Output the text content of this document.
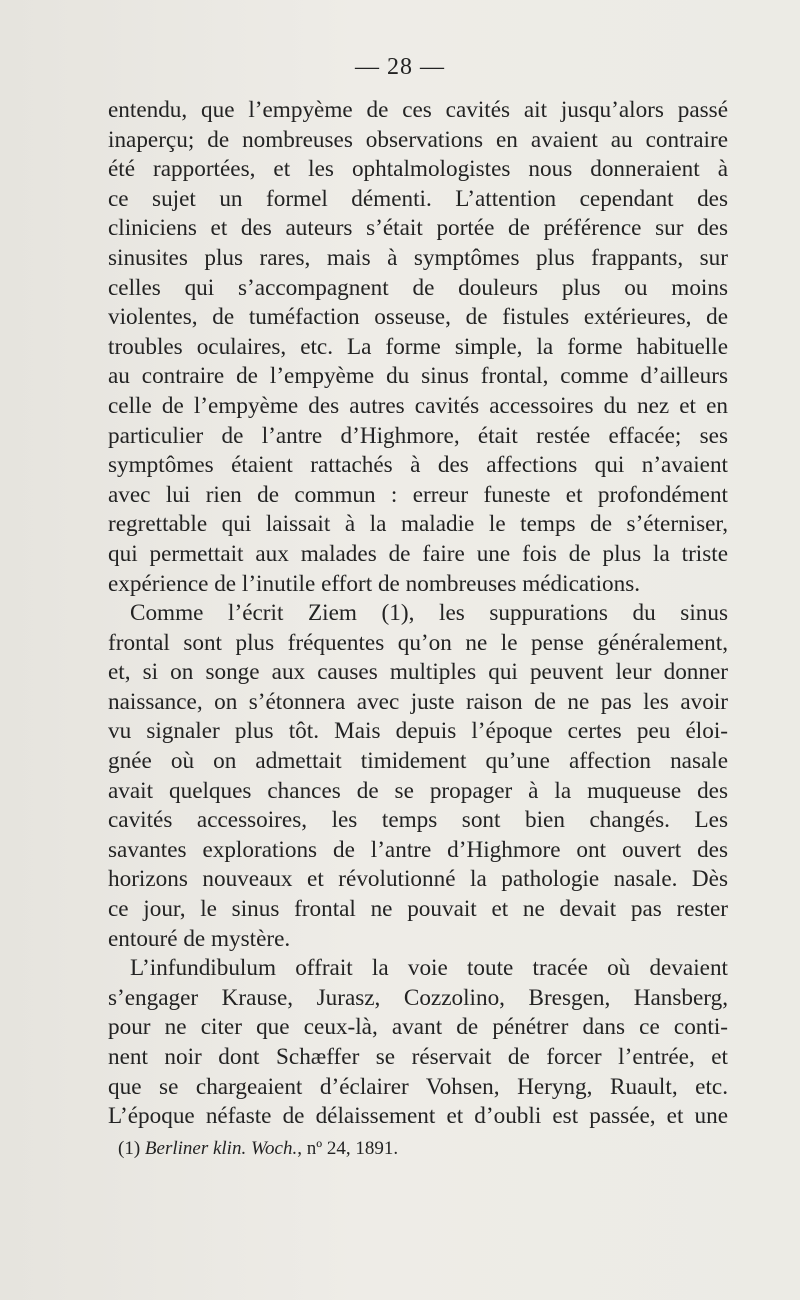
— 28 —
entendu, que l’empyème de ces cavités ait jusqu’alors passé
inaperçu; de nombreuses observations en avaient au contraire
été rapportées, et les ophtalmologistes nous donneraient à
ce sujet un formel démenti. L’attention cependant des
cliniciens et des auteurs s’était portée de préférence sur des
sinusites plus rares, mais à symptômes plus frappants, sur
celles qui s’accompagnent de douleurs plus ou moins
violentes, de tuméfaction osseuse, de fistules extérieures, de
troubles oculaires, etc. La forme simple, la forme habituelle
au contraire de l’empyème du sinus frontal, comme d’ailleurs
celle de l’empyème des autres cavités accessoires du nez et en
particulier de l’antre d’Highmore, était restée effacée; ses
symptômes étaient rattachés à des affections qui n’avaient
avec lui rien de commun : erreur funeste et profondément
regrettable qui laissait à la maladie le temps de s’éterniser,
qui permettait aux malades de faire une fois de plus la triste
expérience de l’inutile effort de nombreuses médications.
Comme l’écrit Ziem (1), les suppurations du sinus
frontal sont plus fréquentes qu’on ne le pense généralement,
et, si on songe aux causes multiples qui peuvent leur donner
naissance, on s’étonnera avec juste raison de ne pas les avoir
vu signaler plus tôt. Mais depuis l’époque certes peu éloi-
gnée où on admettait timidement qu’une affection nasale
avait quelques chances de se propager à la muqueuse des
cavités accessoires, les temps sont bien changés. Les
savantes explorations de l’antre d’Highmore ont ouvert des
horizons nouveaux et révolutionné la pathologie nasale. Dès
ce jour, le sinus frontal ne pouvait et ne devait pas rester
entouré de mystère.
L’infundibulum offrait la voie toute tracée où devaient
s’engager Krause, Jurasz, Cozzolino, Bresgen, Hansberg,
pour ne citer que ceux-là, avant de pénétrer dans ce conti-
nent noir dont Schæffer se réservait de forcer l’entrée, et
que se chargeaient d’éclairer Vohsen, Heryng, Ruault, etc.
L’époque néfaste de délaissement et d’oubli est passée, et une
(1) Berliner klin. Woch., nº 24, 1891.
